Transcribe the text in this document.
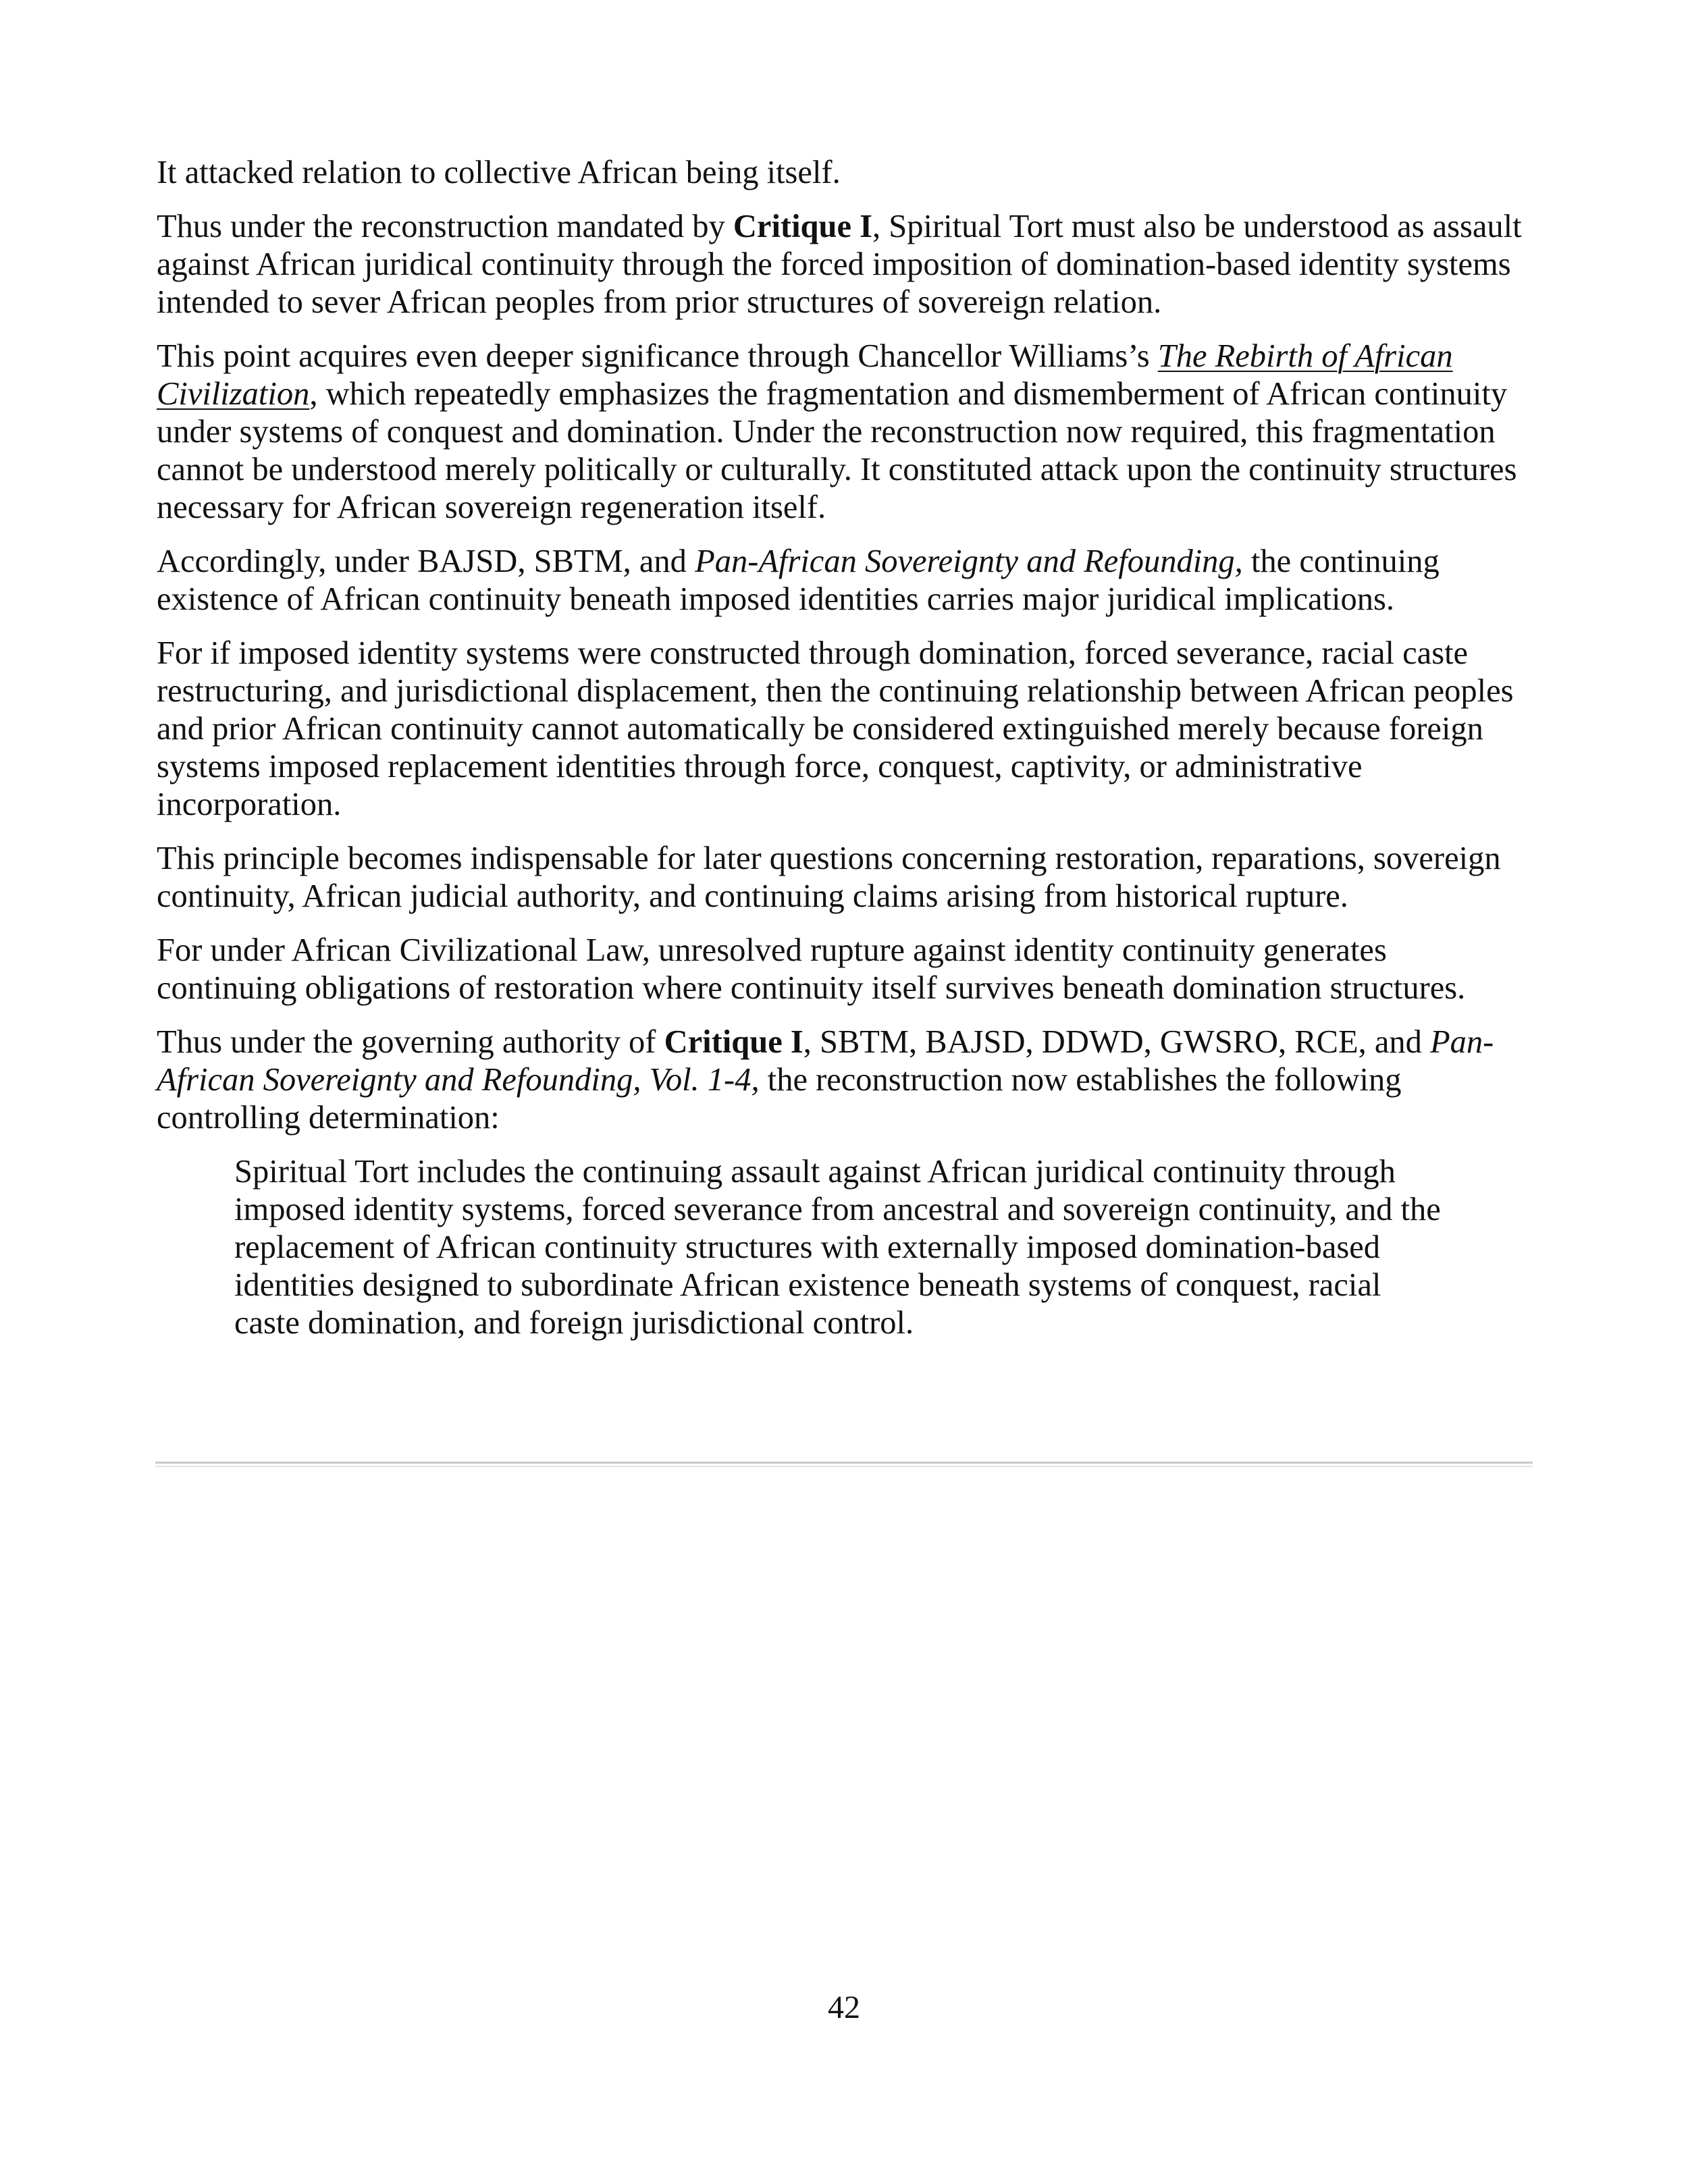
It attacked relation to collective African being itself.

Thus under the reconstruction mandated by Critique I, Spiritual Tort must also be understood as assault against African juridical continuity through the forced imposition of domination-based identity systems intended to sever African peoples from prior structures of sovereign relation.

This point acquires even deeper significance through Chancellor Williams’s The Rebirth of African Civilization, which repeatedly emphasizes the fragmentation and dismemberment of African continuity under systems of conquest and domination. Under the reconstruction now required, this fragmentation cannot be understood merely politically or culturally. It constituted attack upon the continuity structures necessary for African sovereign regeneration itself.

Accordingly, under BAJSD, SBTM, and Pan-African Sovereignty and Refounding, the continuing existence of African continuity beneath imposed identities carries major juridical implications.

For if imposed identity systems were constructed through domination, forced severance, racial caste restructuring, and jurisdictional displacement, then the continuing relationship between African peoples and prior African continuity cannot automatically be considered extinguished merely because foreign systems imposed replacement identities through force, conquest, captivity, or administrative incorporation.

This principle becomes indispensable for later questions concerning restoration, reparations, sovereign continuity, African judicial authority, and continuing claims arising from historical rupture.

For under African Civilizational Law, unresolved rupture against identity continuity generates continuing obligations of restoration where continuity itself survives beneath domination structures.

Thus under the governing authority of Critique I, SBTM, BAJSD, DDWD, GWSRO, RCE, and Pan-African Sovereignty and Refounding, Vol. 1-4, the reconstruction now establishes the following controlling determination:

Spiritual Tort includes the continuing assault against African juridical continuity through imposed identity systems, forced severance from ancestral and sovereign continuity, and the replacement of African continuity structures with externally imposed domination-based identities designed to subordinate African existence beneath systems of conquest, racial caste domination, and foreign jurisdictional control.
42
